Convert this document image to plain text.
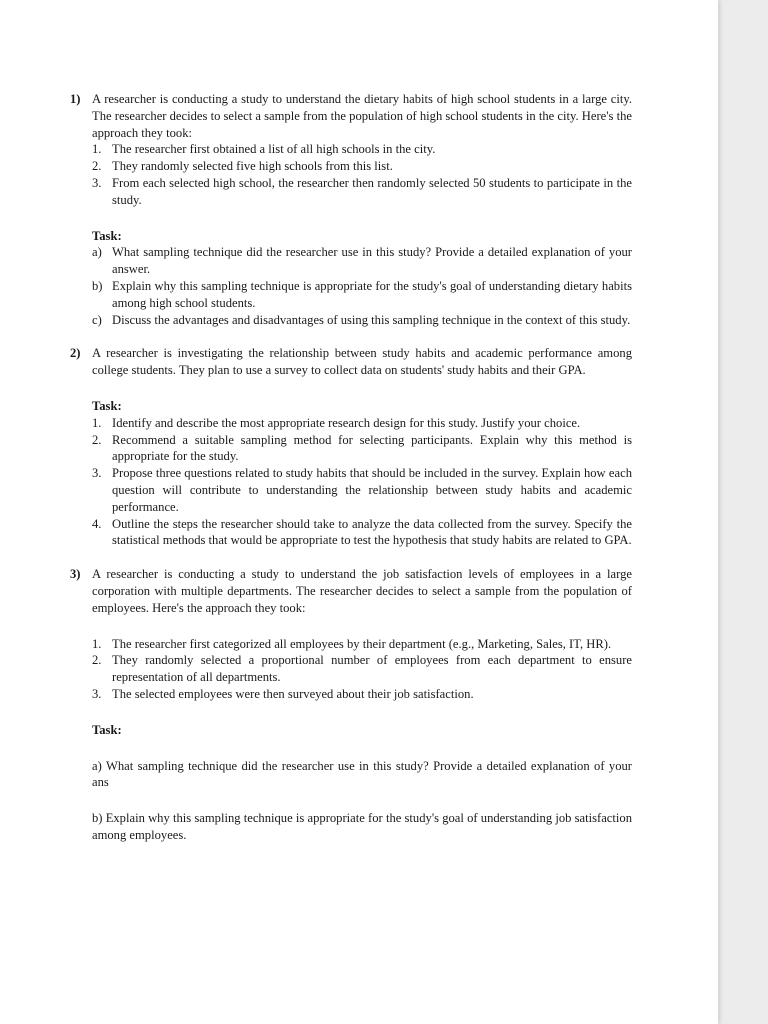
1) A researcher is conducting a study to understand the dietary habits of high school students in a large city. The researcher decides to select a sample from the population of high school students in the city. Here's the approach they took:
1. The researcher first obtained a list of all high schools in the city.
2. They randomly selected five high schools from this list.
3. From each selected high school, the researcher then randomly selected 50 students to participate in the study.
Task:
a) What sampling technique did the researcher use in this study? Provide a detailed explanation of your answer.
b) Explain why this sampling technique is appropriate for the study's goal of understanding dietary habits among high school students.
c) Discuss the advantages and disadvantages of using this sampling technique in the context of this study.
2) A researcher is investigating the relationship between study habits and academic performance among college students. They plan to use a survey to collect data on students' study habits and their GPA.
Task:
1. Identify and describe the most appropriate research design for this study. Justify your choice.
2. Recommend a suitable sampling method for selecting participants. Explain why this method is appropriate for the study.
3. Propose three questions related to study habits that should be included in the survey. Explain how each question will contribute to understanding the relationship between study habits and academic performance.
4. Outline the steps the researcher should take to analyze the data collected from the survey. Specify the statistical methods that would be appropriate to test the hypothesis that study habits are related to GPA.
3) A researcher is conducting a study to understand the job satisfaction levels of employees in a large corporation with multiple departments. The researcher decides to select a sample from the population of employees. Here's the approach they took:
1. The researcher first categorized all employees by their department (e.g., Marketing, Sales, IT, HR).
2. They randomly selected a proportional number of employees from each department to ensure representation of all departments.
3. The selected employees were then surveyed about their job satisfaction.
Task:
a) What sampling technique did the researcher use in this study? Provide a detailed explanation of your ans
b) Explain why this sampling technique is appropriate for the study's goal of understanding job satisfaction among employees.
